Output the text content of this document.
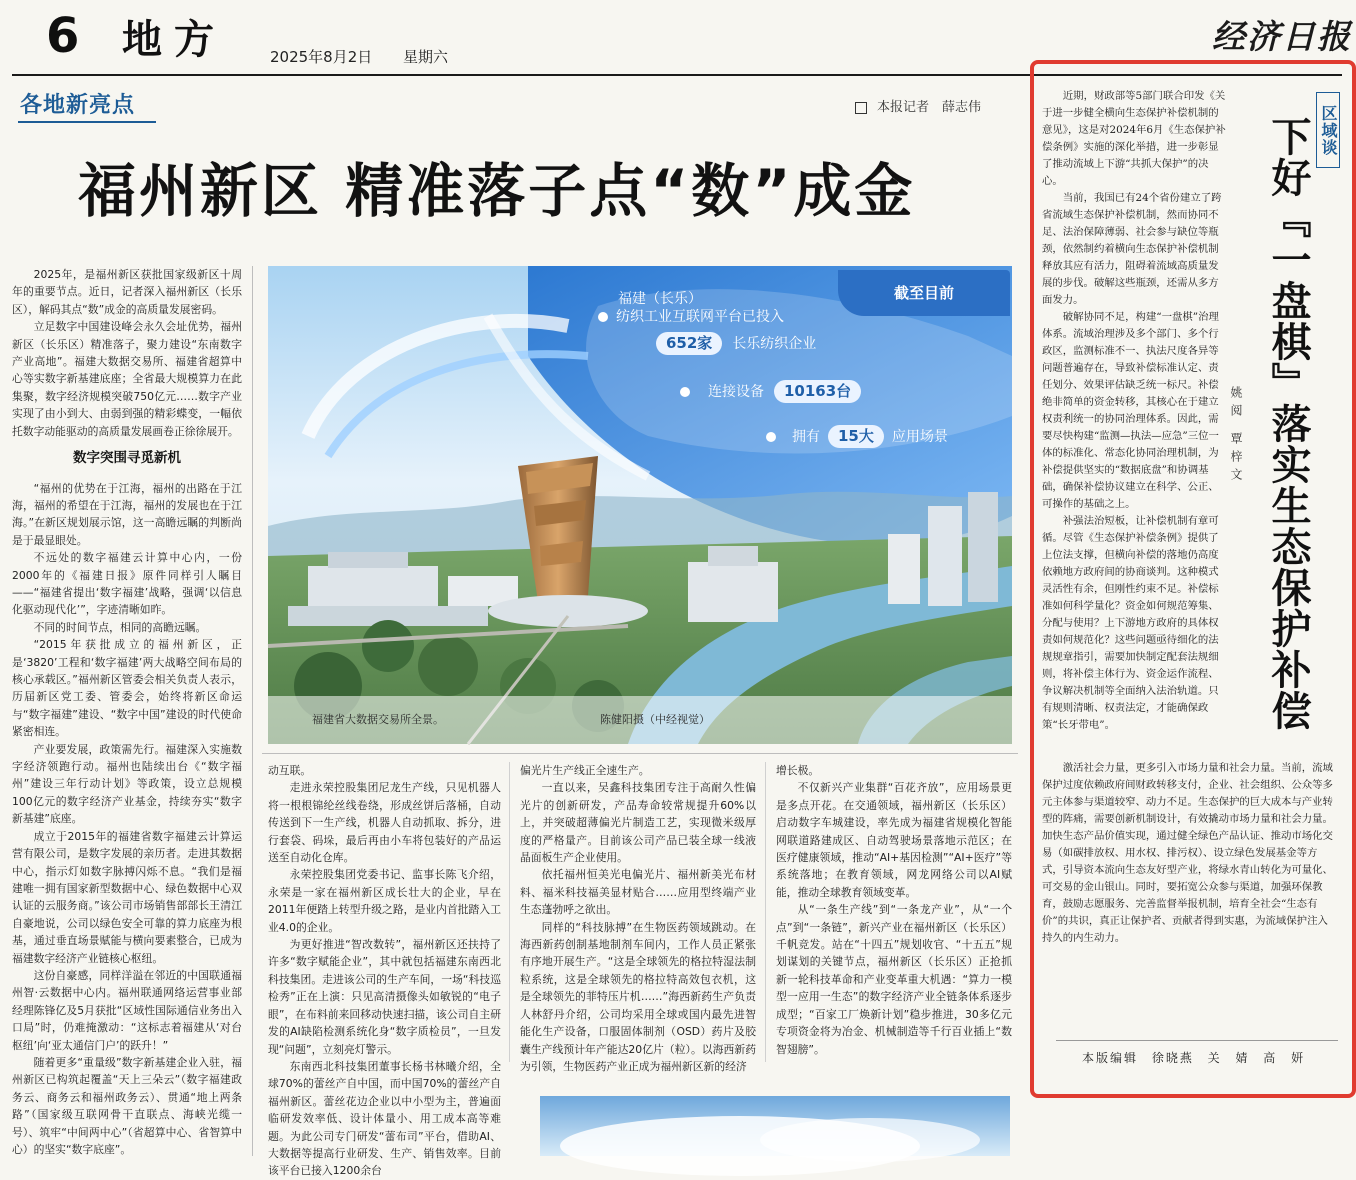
6 地方	2025年8月2日 星期六
经济日报
各地新亮点	本报记者　薛志伟
福州新区 精准落子点“数”成金
截至目前
福建（长乐）
纺织工业互联网平台已投入
652家	长乐纺织企业
连接设备	10163台
拥有	15大	应用场景
福建省大数据交易所全景。	陈健阳摄（中经视觉）

2025年，是福州新区获批国家级新区十周年的重要节点。近日，记者深入福州新区（长乐区），解码其点“数”成金的高质量发展密码。

立足数字中国建设峰会永久会址优势，福州新区（长乐区）精准落子，聚力建设“东南数字产业高地”。福建大数据交易所、福建省超算中心等实数字新基建底座；全省最大规模算力在此集聚，数字经济规模突破750亿元……数字产业实现了由小到大、由弱到强的精彩蝶变，一幅依托数字动能驱动的高质量发展画卷正徐徐展开。

数字突围寻觅新机

“福州的优势在于江海，福州的出路在于江海，福州的希望在于江海，福州的发展也在于江海。”在新区规划展示馆，这一高瞻远瞩的判断尚是于最显眼处。

不远处的数字福建云计算中心内，一份2000年的《福建日报》原件同样引人瞩目——“福建省提出‘数字福建’战略，强调‘以信息化驱动现代化’”，字迹清晰如昨。

不同的时间节点，相同的高瞻远瞩。

“2015年获批成立的福州新区，正是‘3820’工程和‘数字福建’两大战略空间布局的核心承载区。”福州新区管委会相关负责人表示，历届新区党工委、管委会，始终将新区命运与“数字福建”建设、“数字中国”建设的时代使命紧密相连。

产业要发展，政策需先行。福建深入实施数字经济领跑行动。福州也陆续出台《“数字福州”建设三年行动计划》等政策，设立总规模100亿元的数字经济产业基金，持续夯实“数字新基建”底座。

成立于2015年的福建省数字福建云计算运营有限公司，是数字发展的亲历者。走进其数据中心，指示灯如数字脉搏闪烁不息。“我们是福建唯一拥有国家新型数据中心、绿色数据中心双认证的云服务商。”该公司市场销售部部长王清江自豪地说，公司以绿色安全可靠的算力底座为根基，通过垂直场景赋能与横向要素整合，已成为福建数字经济产业链核心枢纽。

这份自豪感，同样洋溢在邻近的中国联通福州智·云数据中心内。福州联通网络运营事业部经理陈锋亿及5月获批“区域性国际通信业务出入口局”时，仍难掩激动：“这标志着福建从‘对台枢纽’向‘亚太通信门户’的跃升！”

随着更多“重量级”数字新基建企业入驻，福州新区已构筑起覆盖“天上三朵云”（数字福建政务云、商务云和福州政务云）、贯通“地上两条路”（国家级互联网骨干直联点、海峡光缆一号）、筑牢“中间两中心”（省超算中心、省智算中心）的坚实“数字底座”。

动互联。

走进永荣控股集团尼龙生产线，只见机器人将一根根锦纶丝线卷绕，形成丝饼后落桶，自动传送到下一生产线，机器人自动抓取、拆分，进行套袋、码垛，最后再由小车将包装好的产品运送至自动化仓库。

永荣控股集团党委书记、监事长陈飞介绍，永荣是一家在福州新区成长壮大的企业，早在2011年便踏上转型升级之路，是业内首批踏入工业4.0的企业。

为更好推进“智改数转”，福州新区还扶持了许多“数字赋能企业”，其中就包括福建东南西北科技集团。走进该公司的生产车间，一场“科技巡检秀”正在上演：只见高清摄像头如敏锐的“电子眼”，在布料前来回移动快速扫描，该公司自主研发的AI缺陷检测系统化身“数字质检员”，一旦发现“问题”，立刻亮灯警示。

东南西北科技集团董事长杨书林曦介绍，全球70%的蕾丝产自中国，而中国70%的蕾丝产自福州新区。蕾丝花边企业以中小型为主，普遍面临研发效率低、设计体量小、用工成本高等难题。为此公司专门研发“蕾布司”平台，借助AI、大数据等提高行业研发、生产、销售效率。目前该平台已接入1200余台

偏光片生产线正全速生产。

一直以来，吴鑫科技集团专注于高耐久性偏光片的创新研发，产品寿命较常规提升60%以上，并突破超薄偏光片制造工艺，实现微米级厚度的严格量产。目前该公司产品已装全球一线液晶面板生产企业使用。

依托福州恒美光电偏光片、福州新美光布材料、福米科技福美显材贴合……应用型终端产业生态蓬勃呼之欲出。

同样的“科技脉搏”在生物医药领域跳动。在海西新药创制基地制剂车间内，工作人员正紧张有序地开展生产。“这是全球领先的格拉特湿法制粒系统，这是全球领先的格拉特高效包衣机，这是全球领先的菲特压片机……”海西新药生产负责人林舒丹介绍，公司均采用全球或国内最先进智能化生产设备，口服固体制剂（OSD）药片及胶囊生产线预计年产能达20亿片（粒）。以海西新药为引领，生物医药产业正成为福州新区新的经济

增长极。

不仅新兴产业集群“百花齐放”，应用场景更是多点开花。在交通领域，福州新区（长乐区）启动数字车城建设，率先成为福建省规模化智能网联道路建成区、自动驾驶场景落地示范区；在医疗健康领域，推动“AI+基因检测”“AI+医疗”等系统落地；在教育领域，网龙网络公司以AI赋能，推动全球教育领域变革。

从“一条生产线”到“一条龙产业”，从“一个点”到“一条链”，新兴产业在福州新区（长乐区）千帆竞发。站在“十四五”规划收官、“十五五”规划谋划的关键节点，福州新区（长乐区）正抢抓新一轮科技革命和产业变革重大机遇：“算力一模型一应用一生态”的数字经济产业全链条体系逐步成型；“百家工厂焕新计划”稳步推进，30多亿元专项资金将为冶金、机械制造等千行百业插上“数智翅膀”。

区域谈
下好『一盘棋』落实生态保护补偿
姚阅 覃梓文

近期，财政部等5部门联合印发《关于进一步健全横向生态保护补偿机制的意见》，这是对2024年6月《生态保护补偿条例》实施的深化举措，进一步彰显了推动流域上下游“共抓大保护”的决心。

当前，我国已有24个省份建立了跨省流域生态保护补偿机制，然而协同不足、法治保障薄弱、社会参与缺位等瓶颈，依然制约着横向生态保护补偿机制释放其应有活力，阻碍着流域高质量发展的步伐。破解这些瓶颈，还需从多方面发力。

破解协同不足，构建“一盘棋”治理体系。流域治理涉及多个部门、多个行政区，监测标准不一、执法尺度各异等问题普遍存在，导致补偿标准认定、责任划分、效果评估缺乏统一标尺。补偿绝非简单的资金转移，其核心在于建立权责利统一的协同治理体系。因此，需要尽快构建“监测—执法—应急”三位一体的标准化、常态化协同治理机制，为补偿提供坚实的“数据底盘”和协调基础，确保补偿协议建立在科学、公正、可操作的基础之上。

补强法治短板，让补偿机制有章可循。尽管《生态保护补偿条例》提供了上位法支撑，但横向补偿的落地仍高度依赖地方政府间的协商谈判。这种模式灵活性有余，但刚性约束不足。补偿标准如何科学量化？资金如何规范筹集、分配与使用？上下游地方政府的具体权责如何规范化？这些问题亟待细化的法规规章指引，需要加快制定配套法规细则，将补偿主体行为、资金运作流程、争议解决机制等全面纳入法治轨道。只有规则清晰、权责法定，才能确保政策“长牙带电”。

激活社会力量，更多引入市场力量和社会力量。当前，流域保护过度依赖政府间财政转移支付，企业、社会组织、公众等多元主体参与渠道较窄、动力不足。生态保护的巨大成本与产业转型的阵痛，需要创新机制设计，有效撬动市场力量和社会力量。加快生态产品价值实现，通过健全绿色产品认证、推动市场化交易（如碳排放权、用水权、排污权）、设立绿色发展基金等方式，引导资本流向生态友好型产业，将绿水青山转化为可量化、可交易的金山银山。同时，要拓宽公众参与渠道，加强环保教育，鼓励志愿服务、完善监督举报机制，培育全社会“生态有价”的共识，真正让保护者、贡献者得到实惠，为流域保护注入持久的内生动力。

本版编辑 徐晓燕 关 婧 高 妍
